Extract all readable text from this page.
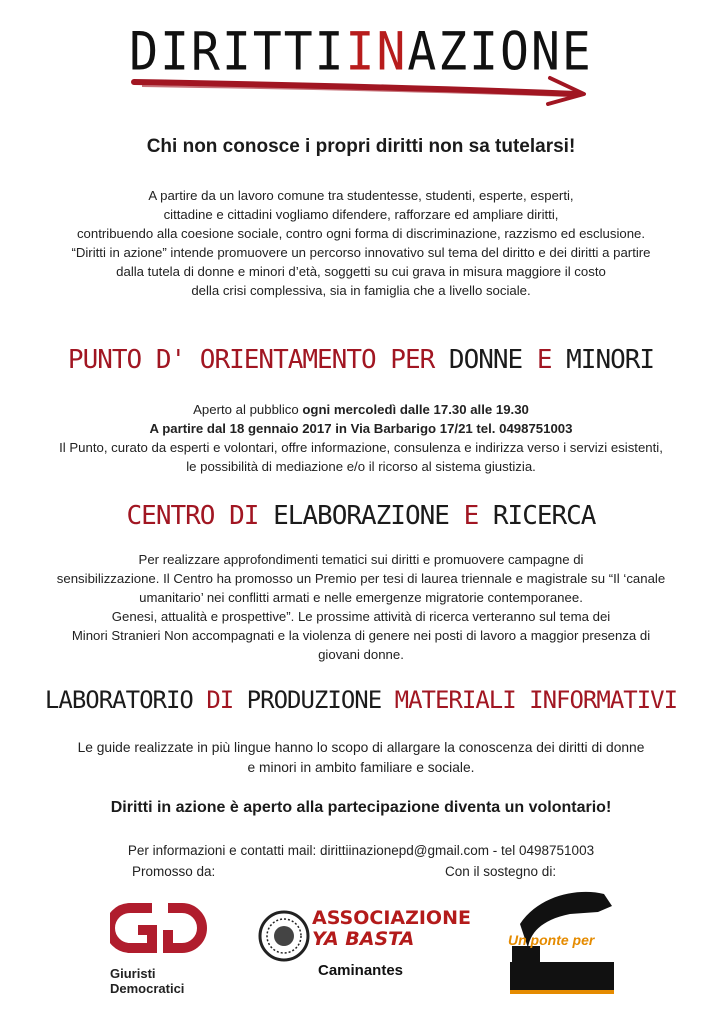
DIRITTIINAZIONE
Chi non conosce i propri diritti non sa tutelarsi!
A partire da un lavoro comune tra studentesse, studenti, esperte, esperti,
cittadine e cittadini vogliamo difendere, rafforzare ed ampliare diritti,
contribuendo alla coesione sociale, contro ogni forma di discriminazione, razzismo ed esclusione.
“Diritti in azione” intende promuovere un percorso innovativo sul tema del diritto e dei diritti a partire
dalla tutela di donne e minori d’età, soggetti su cui grava in misura maggiore il costo
della crisi complessiva, sia in famiglia che a livello sociale.
PUNTO D' ORIENTAMENTO PER DONNE E MINORI
Aperto al pubblico ogni mercoledì dalle 17.30 alle 19.30
A partire dal 18 gennaio 2017 in Via Barbarigo 17/21 tel. 0498751003
Il Punto, curato da esperti e volontari, offre informazione, consulenza e indirizza verso i servizi esistenti,
le possibilità di mediazione e/o il ricorso al sistema giustizia.
CENTRO DI ELABORAZIONE E RICERCA
Per realizzare approfondimenti tematici sui diritti e promuovere campagne di
sensibilizzazione. Il Centro ha promosso un Premio per tesi di laurea triennale e magistrale su “Il ‘canale
umanitario’ nei conflitti armati e nelle emergenze migratorie contemporanee.
Genesi, attualità e prospettive”. Le prossime attività di ricerca verteranno sul tema dei
Minori Stranieri Non accompagnati e la violenza di genere nei posti di lavoro a maggior presenza di
giovani donne.
LABORATORIO DI PRODUZIONE MATERIALI INFORMATIVI
Le guide realizzate in più lingue hanno lo scopo di allargare la conoscenza dei diritti di donne
e minori in ambito familiare e sociale.
Diritti in azione è aperto alla partecipazione diventa un volontario!
Per informazioni e contatti mail: dirittiinazionepd@gmail.com - tel 0498751003
Promosso da:	Con il sostegno di:
Giuristi
Democratici
ASSOCIAZIONE
YA BASTA
Caminantes
Un ponte per
